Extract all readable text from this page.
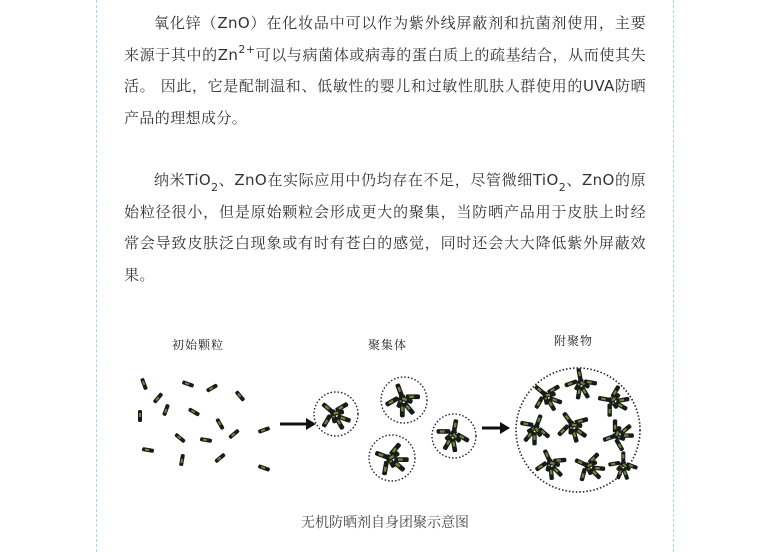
氧化锌（ZnO）在化妆品中可以作为紫外线屏蔽剂和抗菌剂使用，主要来源于其中的$Zn^{2+}$可以与病菌体或病毒的蛋白质上的疏基结合，从而使其失活。 因此，它是配制温和、低敏性的婴儿和过敏性肌肤人群使用的UVA防晒产品的理想成分。

纳米TiO$_2$、ZnO在实际应用中仍均存在不足，尽管微细TiO$_2$、ZnO的原始粒径很小，但是原始颗粒会形成更大的聚集，当防晒产品用于皮肤上时经常会导致皮肤泛白现象或有时有苍白的感觉，同时还会大大降低紫外屏蔽效果。

初始颗粒	聚集体	附聚物
无机防晒剂自身团聚示意图
